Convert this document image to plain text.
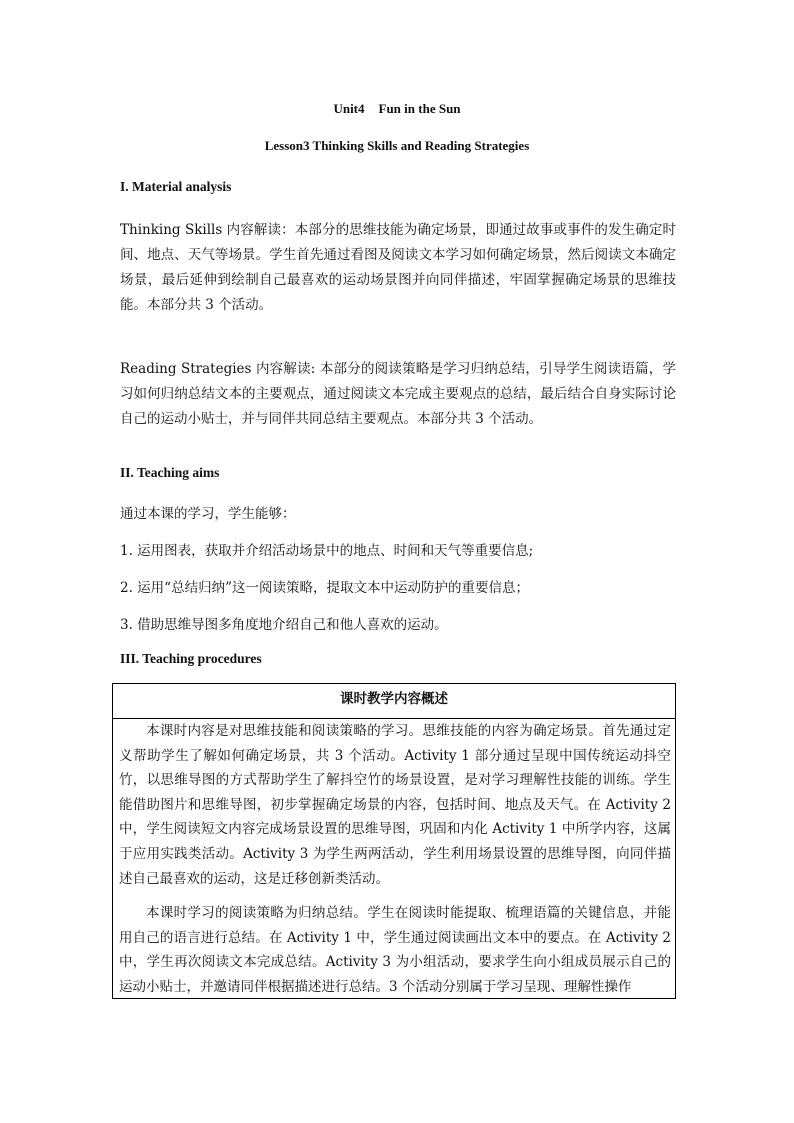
Unit4 Fun in the Sun
Lesson3 Thinking Skills and Reading Strategies
I. Material analysis
Thinking Skills 内容解读：本部分的思维技能为确定场景，即通过故事或事件的发生确定时间、地点、天气等场景。学生首先通过看图及阅读文本学习如何确定场景，然后阅读文本确定场景，最后延伸到绘制自己最喜欢的运动场景图并向同伴描述，牢固掌握确定场景的思维技能。本部分共 3 个活动。
Reading Strategies 内容解读: 本部分的阅读策略是学习归纳总结，引导学生阅读语篇，学习如何归纳总结文本的主要观点，通过阅读文本完成主要观点的总结，最后结合自身实际讨论自己的运动小贴士，并与同伴共同总结主要观点。本部分共 3 个活动。
II. Teaching aims
通过本课的学习，学生能够：
1. 运用图表，获取并介绍活动场景中的地点、时间和天气等重要信息;
2. 运用“总结归纳”这一阅读策略，提取文本中运动防护的重要信息；
3. 借助思维导图多角度地介绍自己和他人喜欢的运动。
III. Teaching procedures
课时教学内容概述
本课时内容是对思维技能和阅读策略的学习。思维技能的内容为确定场景。首先通过定义帮助学生了解如何确定场景，共 3 个活动。Activity 1 部分通过呈现中国传统运动抖空竹，以思维导图的方式帮助学生了解抖空竹的场景设置，是对学习理解性技能的训练。学生能借助图片和思维导图，初步掌握确定场景的内容，包括时间、地点及天气。在 Activity 2 中，学生阅读短文内容完成场景设置的思维导图，巩固和内化 Activity 1 中所学内容，这属于应用实践类活动。Activity 3 为学生两两活动，学生利用场景设置的思维导图，向同伴描述自己最喜欢的运动，这是迁移创新类活动。
本课时学习的阅读策略为归纳总结。学生在阅读时能提取、梳理语篇的关键信息，并能用自己的语言进行总结。在 Activity 1 中，学生通过阅读画出文本中的要点。在 Activity 2 中，学生再次阅读文本完成总结。Activity 3 为小组活动，要求学生向小组成员展示自己的运动小贴士，并邀请同伴根据描述进行总结。3 个活动分别属于学习呈现、理解性操作
